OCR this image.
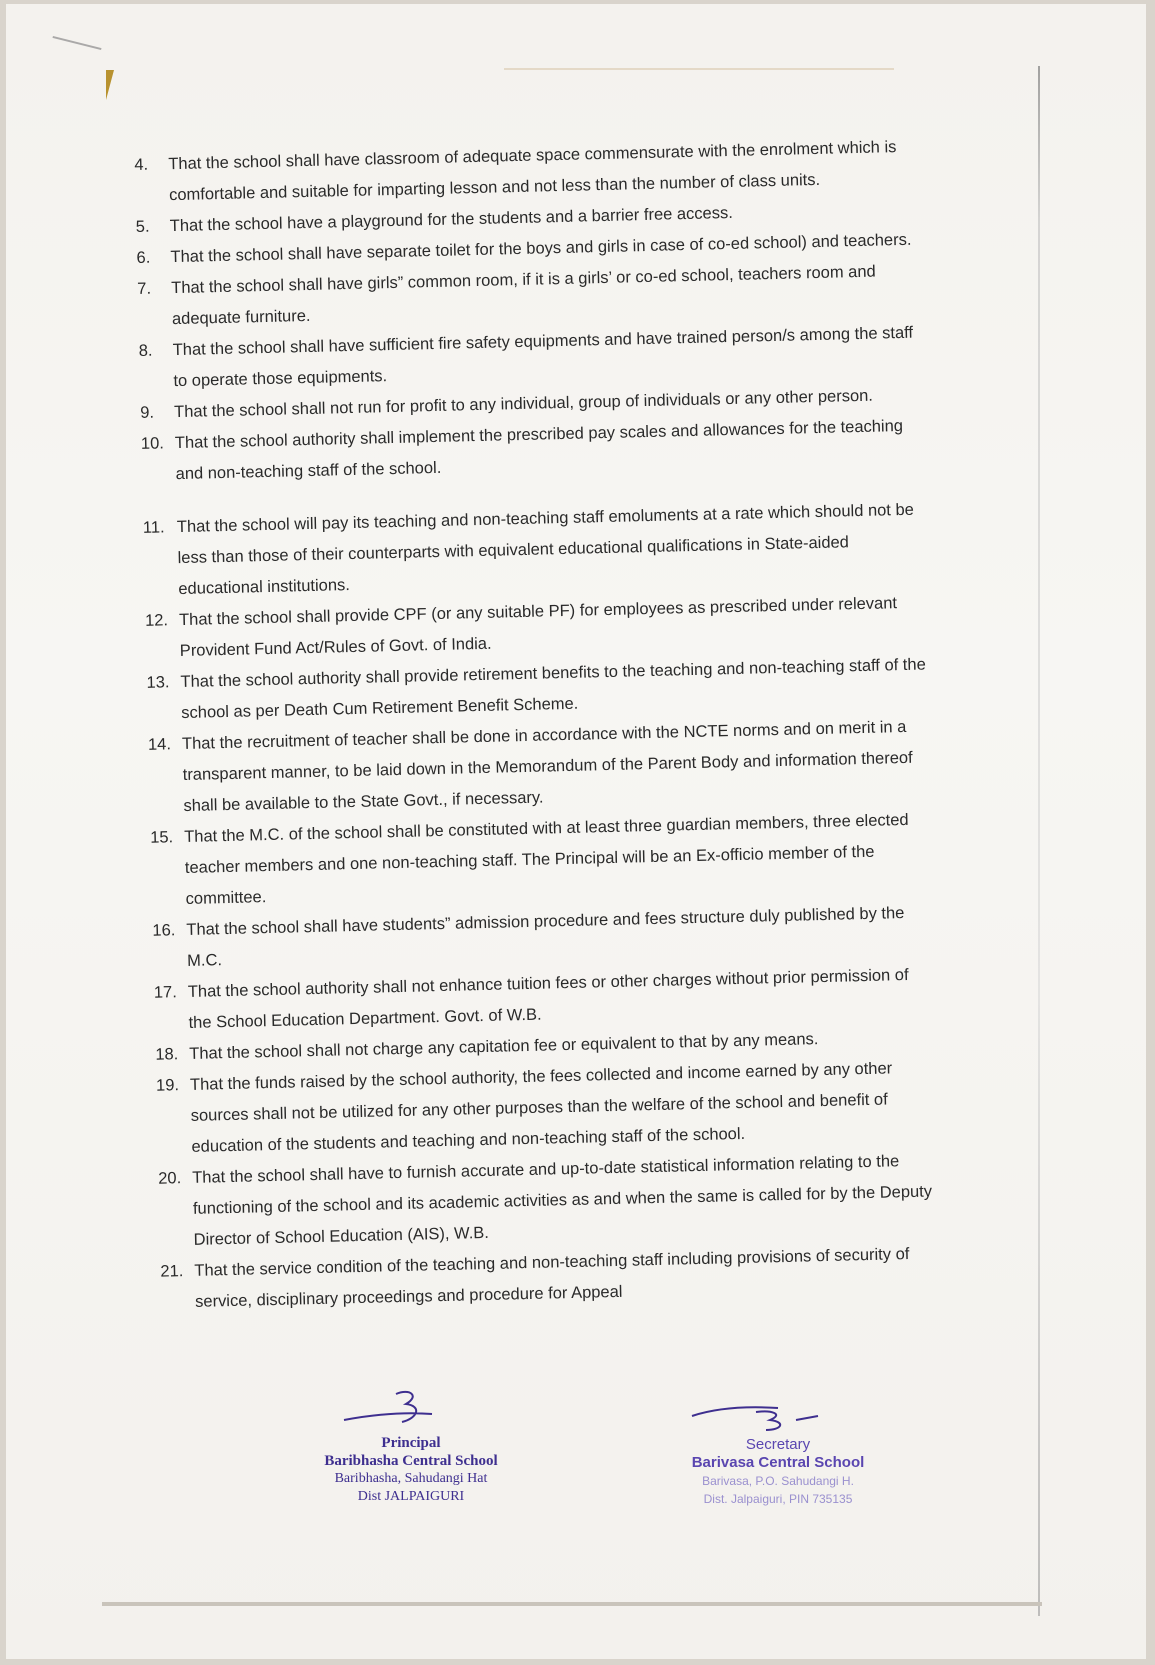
4. That the school shall have classroom of adequate space commensurate with the enrolment which is comfortable and suitable for imparting lesson and not less than the number of class units.
5. That the school have a playground for the students and a barrier free access.
6. That the school shall have separate toilet for the boys and girls in case of co-ed school) and teachers.
7. That the school shall have girls” common room, if it is a girls’ or co-ed school, teachers room and adequate furniture.
8. That the school shall have sufficient fire safety equipments and have trained person/s among the staff to operate those equipments.
9. That the school shall not run for profit to any individual, group of individuals or any other person.
10. That the school authority shall implement the prescribed pay scales and allowances for the teaching and non-teaching staff of the school.
11. That the school will pay its teaching and non-teaching staff emoluments at a rate which should not be less than those of their counterparts with equivalent educational qualifications in State-aided educational institutions.
12. That the school shall provide CPF (or any suitable PF) for employees as prescribed under relevant Provident Fund Act/Rules of Govt. of India.
13. That the school authority shall provide retirement benefits to the teaching and non-teaching staff of the school as per Death Cum Retirement Benefit Scheme.
14. That the recruitment of teacher shall be done in accordance with the NCTE norms and on merit in a transparent manner, to be laid down in the Memorandum of the Parent Body and information thereof shall be available to the State Govt., if necessary.
15. That the M.C. of the school shall be constituted with at least three guardian members, three elected teacher members and one non-teaching staff. The Principal will be an Ex-officio member of the committee.
16. That the school shall have students” admission procedure and fees structure duly published by the M.C.
17. That the school authority shall not enhance tuition fees or other charges without prior permission of the School Education Department. Govt. of W.B.
18. That the school shall not charge any capitation fee or equivalent to that by any means.
19. That the funds raised by the school authority, the fees collected and income earned by any other sources shall not be utilized for any other purposes than the welfare of the school and benefit of education of the students and teaching and non-teaching staff of the school.
20. That the school shall have to furnish accurate and up-to-date statistical information relating to the functioning of the school and its academic activities as and when the same is called for by the Deputy Director of School Education (AIS), W.B.
21. That the service condition of the teaching and non-teaching staff including provisions of security of service, disciplinary proceedings and procedure for Appeal
Principal
Baribhasha Central School
Baribhasha, Sahudangi Hat
Dist JALPAIGURI
Secretary
Barivasa Central School
Barivasa, P.O. Sahudangi H.
Dist. Jalpaiguri, PIN 735135
